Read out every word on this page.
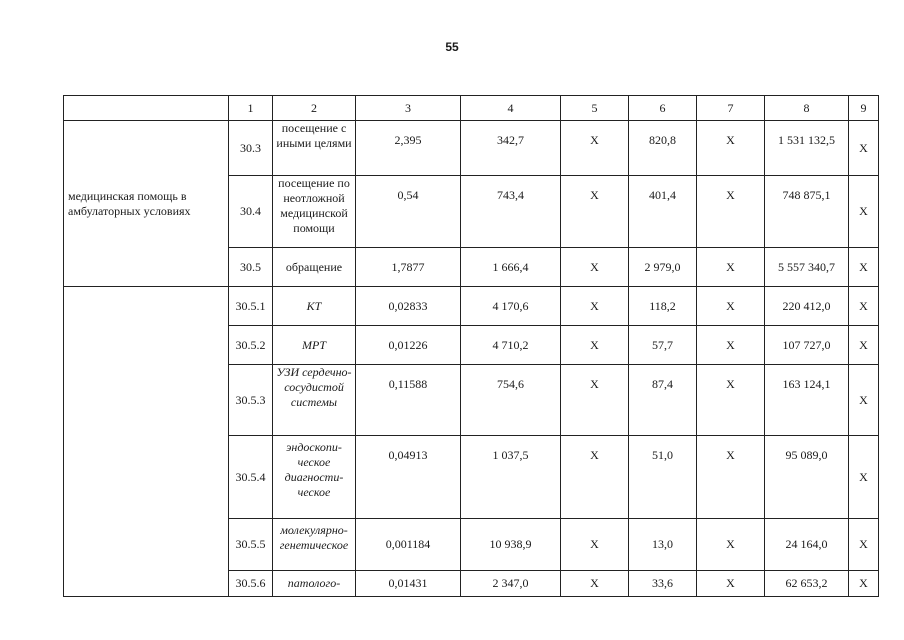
55
	1	2	3	4	5	6	7	8	9
медицинская помощь в амбулаторных условиях	30.3	посещение с иными целями	2,395	342,7	X	820,8	X	1 531 132,5	X
	30.4	посещение по неотложной медицинской помощи	0,54	743,4	X	401,4	X	748 875,1	X
	30.5	обращение	1,7877	1 666,4	X	2 979,0	X	5 557 340,7	X
	30.5.1	КТ	0,02833	4 170,6	X	118,2	X	220 412,0	X
	30.5.2	МРТ	0,01226	4 710,2	X	57,7	X	107 727,0	X
	30.5.3	УЗИ сердечно-сосудистой системы	0,11588	754,6	X	87,4	X	163 124,1	X
	30.5.4	эндоскопи-ческое диагности-ческое	0,04913	1 037,5	X	51,0	X	95 089,0	X
	30.5.5	молекулярно-генетическое	0,001184	10 938,9	X	13,0	X	24 164,0	X
	30.5.6	патолого-	0,01431	2 347,0	X	33,6	X	62 653,2	X
